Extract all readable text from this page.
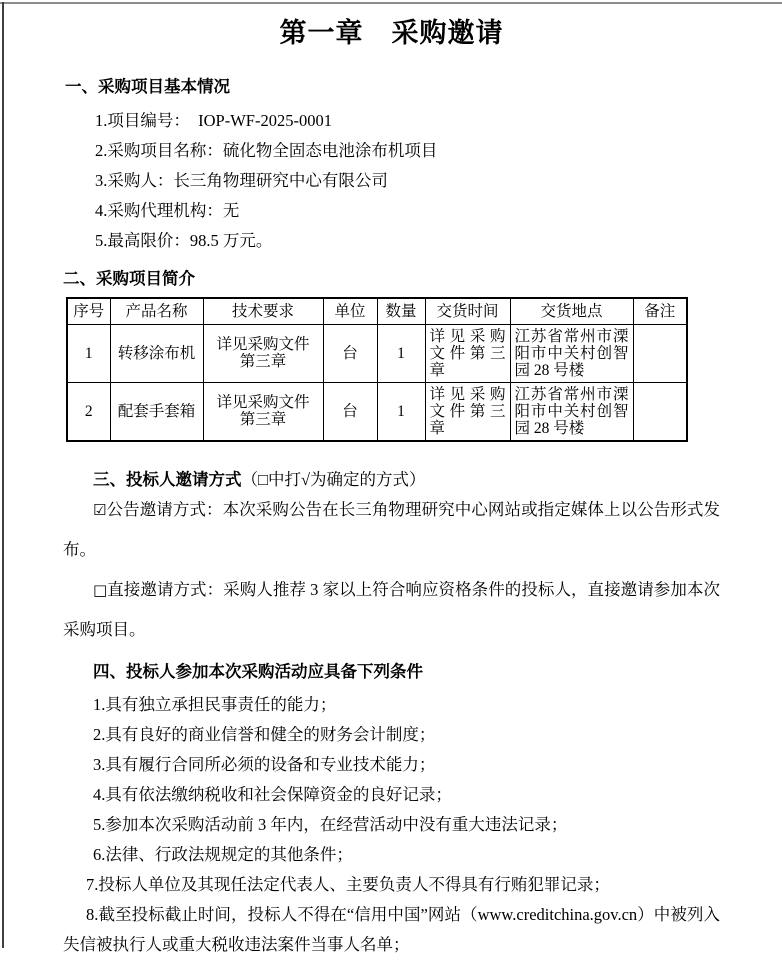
第一章　采购邀请
一、采购项目基本情况

1.项目编号：  IOP-WF-2025-0001

2.采购项目名称：硫化物全固态电池涂布机项目

3.采购人：长三角物理研究中心有限公司

4.采购代理机构：无

5.最高限价：98.5 万元。

二、采购项目简介
序号	产品名称	技术要求	单位	数量	交货时间	交货地点	备注
1	转移涂布机	详见采购文件第三章	台	1	详见采购文件第三章	江苏省常州市溧阳市中关村创智园 28 号楼	
2	配套手套箱	详见采购文件第三章	台	1	详见采购文件第三章	江苏省常州市溧阳市中关村创智园 28 号楼	
三、投标人邀请方式（□中打√为确定的方式）

☑公告邀请方式：本次采购公告在长三角物理研究中心网站或指定媒体上以公告形式发布。

□直接邀请方式：采购人推荐 3 家以上符合响应资格条件的投标人，直接邀请参加本次采购项目。

四、投标人参加本次采购活动应具备下列条件

1.具有独立承担民事责任的能力；

2.具有良好的商业信誉和健全的财务会计制度；

3.具有履行合同所必须的设备和专业技术能力；

4.具有依法缴纳税收和社会保障资金的良好记录；

5.参加本次采购活动前 3 年内，在经营活动中没有重大违法记录；

6.法律、行政法规规定的其他条件；

7.投标人单位及其现任法定代表人、主要负责人不得具有行贿犯罪记录；

8.截至投标截止时间，投标人不得在“信用中国”网站（www.creditchina.gov.cn）中被列入失信被执行人或重大税收违法案件当事人名单；
